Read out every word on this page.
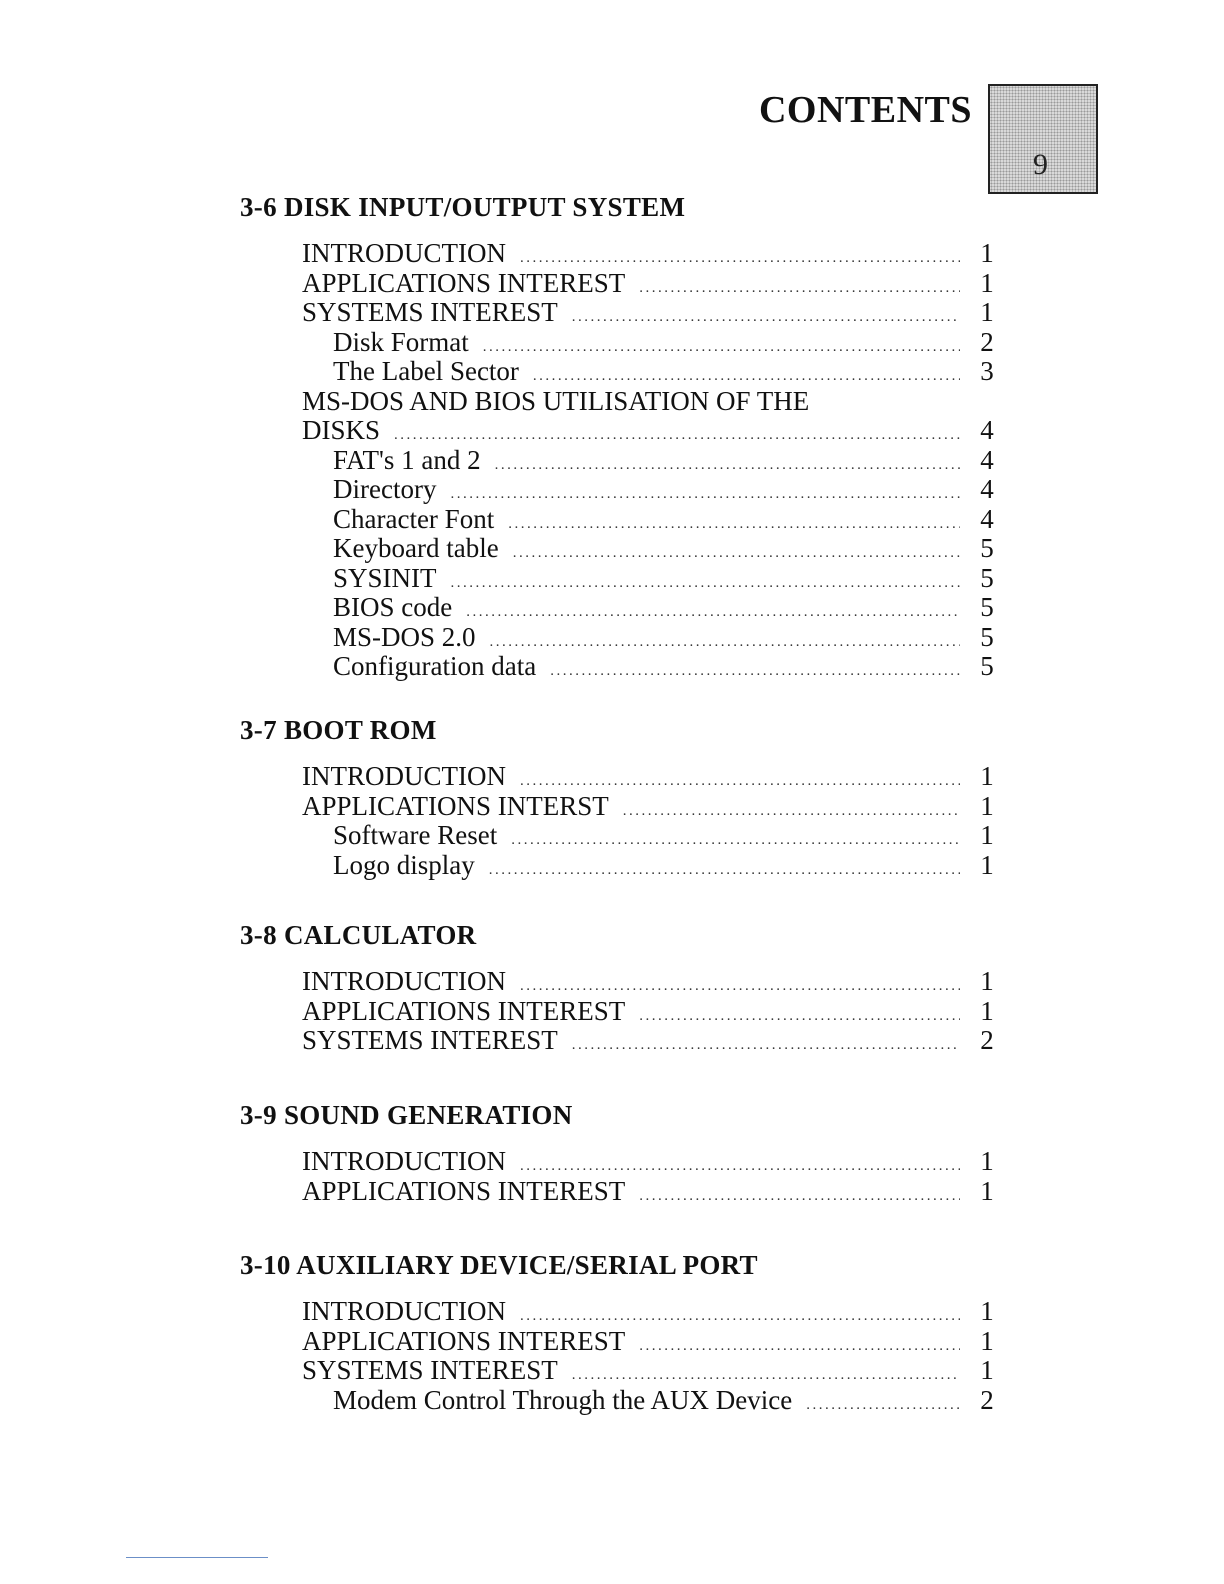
CONTENTS
9
3-6 DISK INPUT/OUTPUT SYSTEM
INTRODUCTION .....	1
APPLICATIONS INTEREST .....	1
SYSTEMS INTEREST .....	1
Disk Format .....	2
The Label Sector .....	3
MS-DOS AND BIOS UTILISATION OF THE
DISKS .....	4
FAT's 1 and 2 .....	4
Directory .....	4
Character Font .....	4
Keyboard table .....	5
SYSINIT .....	5
BIOS code .....	5
MS-DOS 2.0 .....	5
Configuration data .....	5
3-7 BOOT ROM
INTRODUCTION .....	1
APPLICATIONS INTERST .....	1
Software Reset .....	1
Logo display .....	1
3-8 CALCULATOR
INTRODUCTION .....	1
APPLICATIONS INTEREST .....	1
SYSTEMS INTEREST .....	2
3-9 SOUND GENERATION
INTRODUCTION .....	1
APPLICATIONS INTEREST .....	1
3-10 AUXILIARY DEVICE/SERIAL PORT
INTRODUCTION .....	1
APPLICATIONS INTEREST .....	1
SYSTEMS INTEREST .....	1
Modem Control Through the AUX Device .....	2
